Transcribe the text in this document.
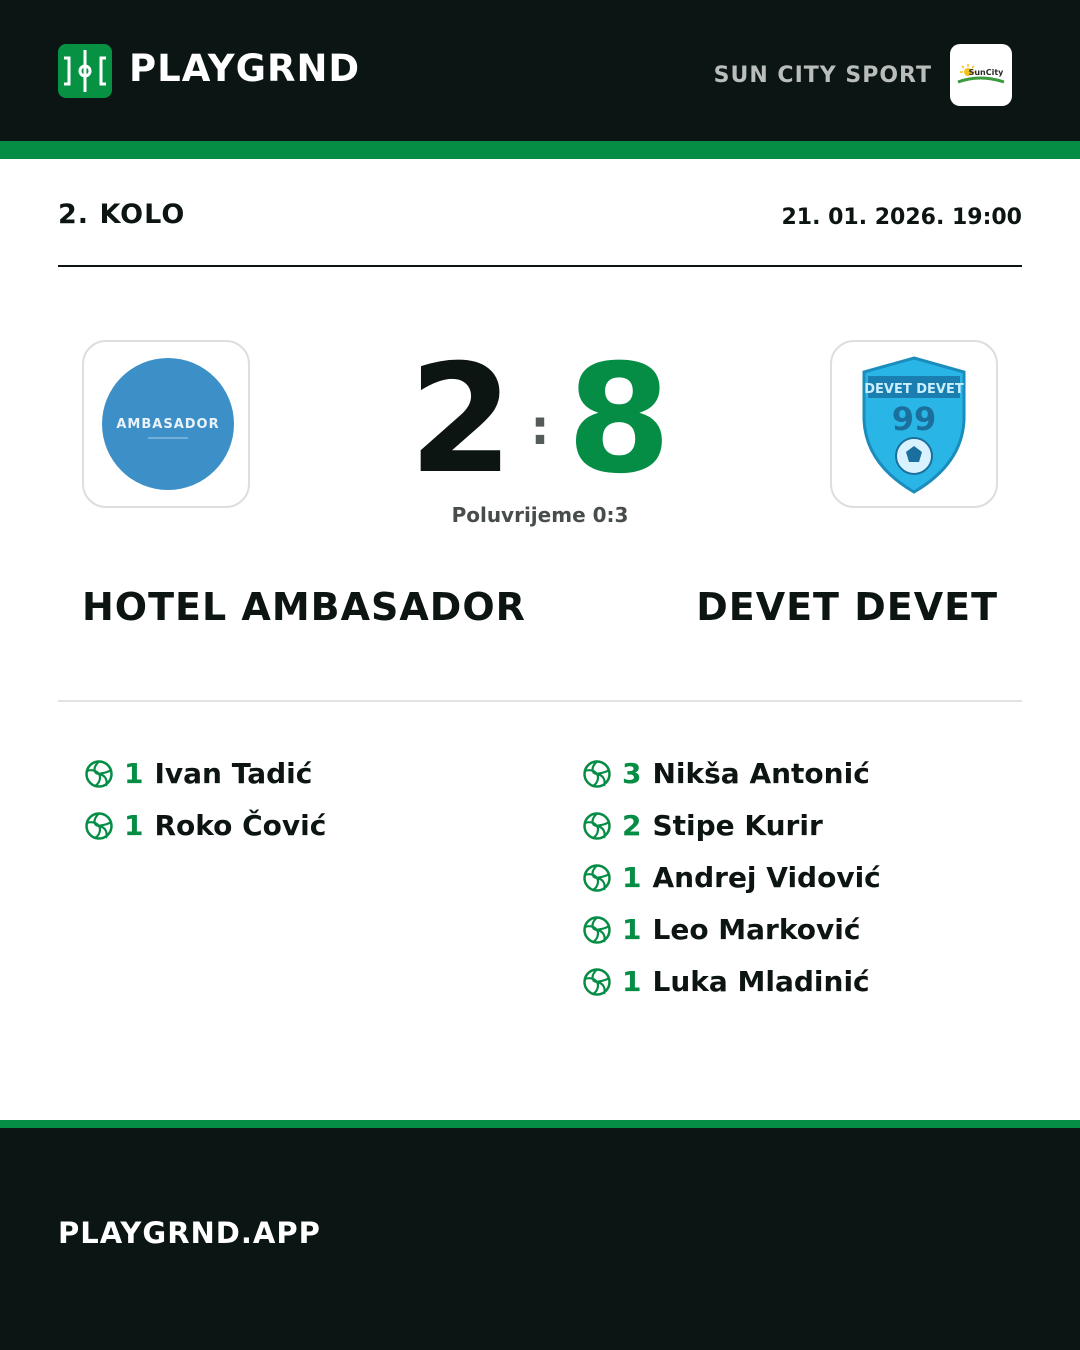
PLAYGRND	SUN CITY SPORT	SunCity
2. KOLO	21. 01. 2026. 19:00
AMBASADOR
DEVET DEVET
99
2 : 8
Poluvrijeme 0:3
HOTEL AMBASADOR	DEVET DEVET
1 Ivan Tadić
1 Roko Čović
3 Nikša Antonić
2 Stipe Kurir
1 Andrej Vidović
1 Leo Marković
1 Luka Mladinić
PLAYGRND.APP
